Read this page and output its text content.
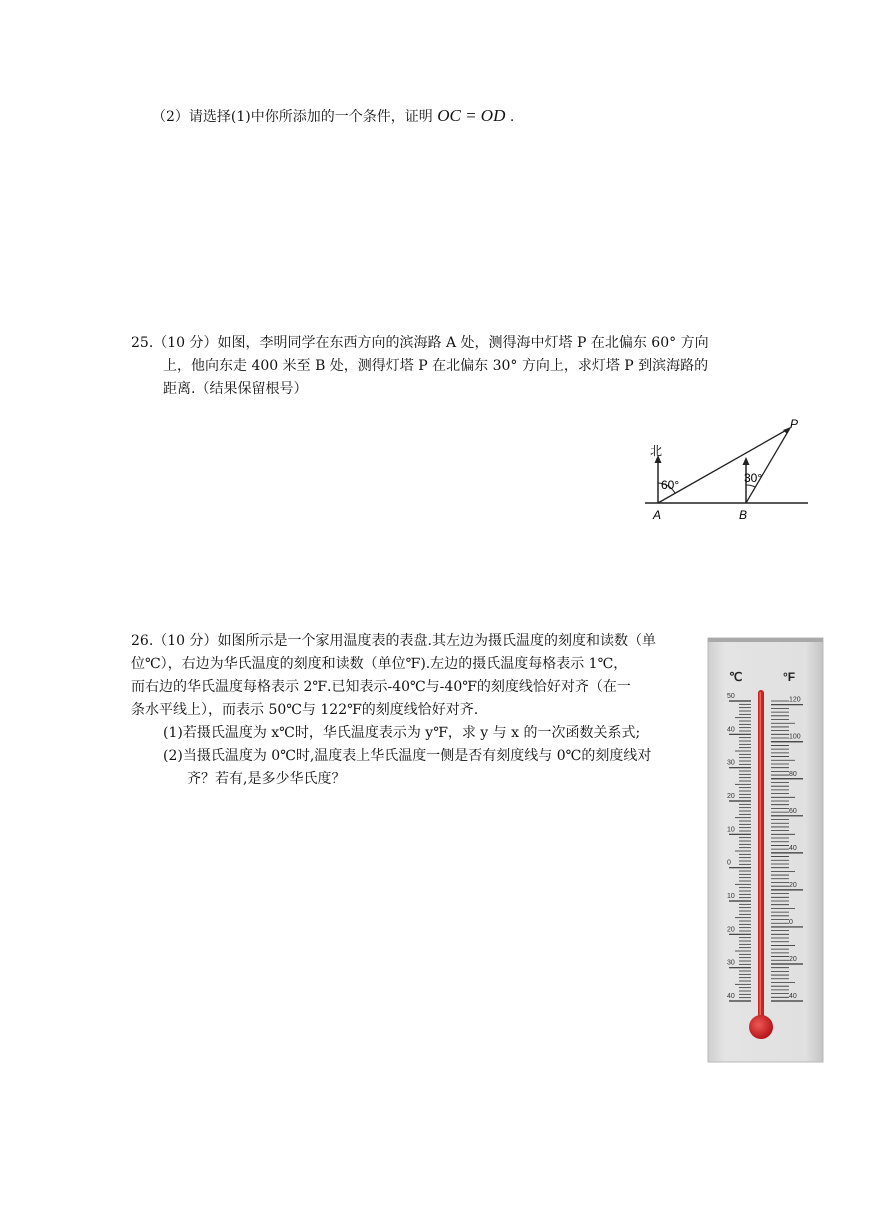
（2）请选择(1)中你所添加的一个条件，证明 OC = OD .
25.（10 分）如图，李明同学在东西方向的滨海路 A 处，测得海中灯塔 P 在北偏东 60° 方向
上，他向东走 400 米至 B 处，测得灯塔 P 在北偏东 30° 方向上，求灯塔 P 到滨海路的
距离.（结果保留根号）
北
60°	30°
A	B
P
26.（10 分）如图所示是一个家用温度表的表盘.其左边为摄氏温度的刻度和读数（单
位℃），右边为华氏温度的刻度和读数（单位℉).左边的摄氏温度每格表示 1℃，
而右边的华氏温度每格表示 2℉.已知表示-40℃与-40℉的刻度线恰好对齐（在一
条水平线上），而表示 50℃与 122℉的刻度线恰好对齐.
(1)若摄氏温度为 x℃时，华氏温度表示为 y℉，求 y 与 x 的一次函数关系式;
(2)当摄氏温度为 0℃时,温度表上华氏温度一侧是否有刻度线与 0℃的刻度线对
齐？若有,是多少华氏度？
℃	°F
50
40
30
20
10
0
10
20
30
40
120
100
80
60
40
20
0
20
40
